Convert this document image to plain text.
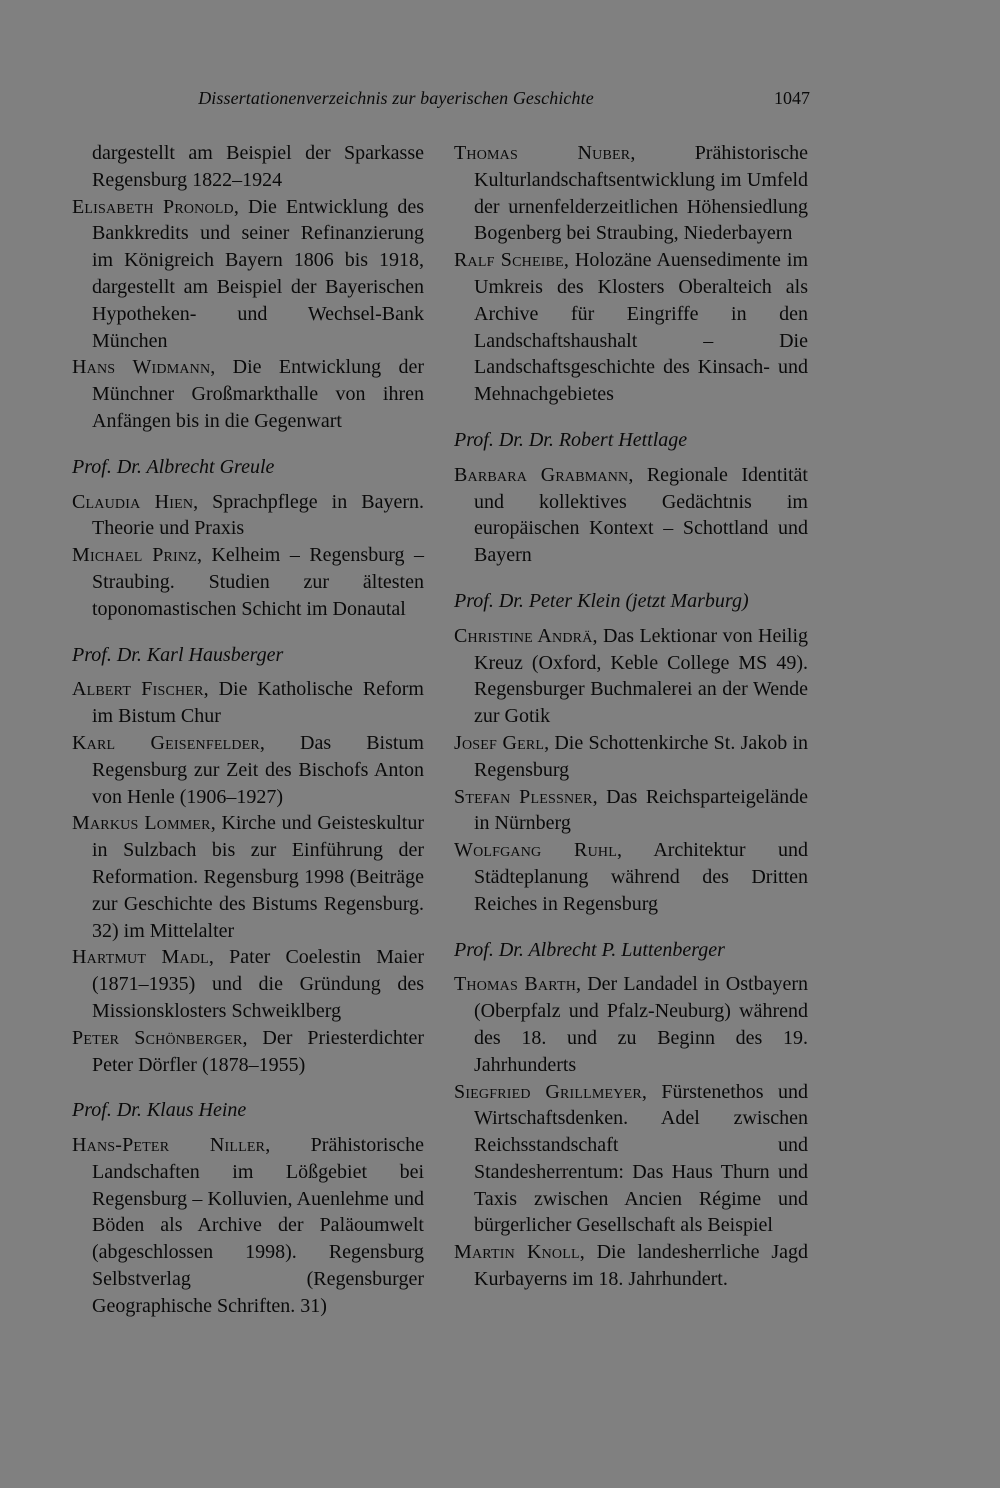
Dissertationenverzeichnis zur bayerischen Geschichte	1047
dargestellt am Beispiel der Sparkasse Regensburg 1822–1924
Elisabeth Pronold, Die Entwicklung des Bankkredits und seiner Refinanzierung im Königreich Bayern 1806 bis 1918, dargestellt am Beispiel der Bayerischen Hypotheken- und Wechsel-Bank München
Hans Widmann, Die Entwicklung der Münchner Großmarkthalle von ihren Anfängen bis in die Gegenwart
Prof. Dr. Albrecht Greule
Claudia Hien, Sprachpflege in Bayern. Theorie und Praxis
Michael Prinz, Kelheim – Regensburg – Straubing. Studien zur ältesten toponomastischen Schicht im Donautal
Prof. Dr. Karl Hausberger
Albert Fischer, Die Katholische Reform im Bistum Chur
Karl Geisenfelder, Das Bistum Regensburg zur Zeit des Bischofs Anton von Henle (1906–1927)
Markus Lommer, Kirche und Geisteskultur in Sulzbach bis zur Einführung der Reformation. Regensburg 1998 (Beiträge zur Geschichte des Bistums Regensburg. 32) im Mittelalter
Hartmut Madl, Pater Coelestin Maier (1871–1935) und die Gründung des Missionsklosters Schweiklberg
Peter Schönberger, Der Priesterdichter Peter Dörfler (1878–1955)
Prof. Dr. Klaus Heine
Hans-Peter Niller, Prähistorische Landschaften im Lößgebiet bei Regensburg – Kolluvien, Auenlehme und Böden als Archive der Paläoumwelt (abgeschlossen 1998). Regensburg Selbstverlag (Regensburger Geographische Schriften. 31)
Thomas Nuber, Prähistorische Kulturlandschaftsentwicklung im Umfeld der urnenfelderzeitlichen Höhensiedlung Bogenberg bei Straubing, Niederbayern
Ralf Scheibe, Holozäne Auensedimente im Umkreis des Klosters Oberalteich als Archive für Eingriffe in den Landschaftshaushalt – Die Landschaftsgeschichte des Kinsach- und Mehnachgebietes
Prof. Dr. Dr. Robert Hettlage
Barbara Grabmann, Regionale Identität und kollektives Gedächtnis im europäischen Kontext – Schottland und Bayern
Prof. Dr. Peter Klein (jetzt Marburg)
Christine Andrä, Das Lektionar von Heilig Kreuz (Oxford, Keble College MS 49). Regensburger Buchmalerei an der Wende zur Gotik
Josef Gerl, Die Schottenkirche St. Jakob in Regensburg
Stefan Plessner, Das Reichsparteigelände in Nürnberg
Wolfgang Ruhl, Architektur und Städteplanung während des Dritten Reiches in Regensburg
Prof. Dr. Albrecht P. Luttenberger
Thomas Barth, Der Landadel in Ostbayern (Oberpfalz und Pfalz-Neuburg) während des 18. und zu Beginn des 19. Jahrhunderts
Siegfried Grillmeyer, Fürstenethos und Wirtschaftsdenken. Adel zwischen Reichsstandschaft und Standesherrentum: Das Haus Thurn und Taxis zwischen Ancien Régime und bürgerlicher Gesellschaft als Beispiel
Martin Knoll, Die landesherrliche Jagd Kurbayerns im 18. Jahrhundert.
